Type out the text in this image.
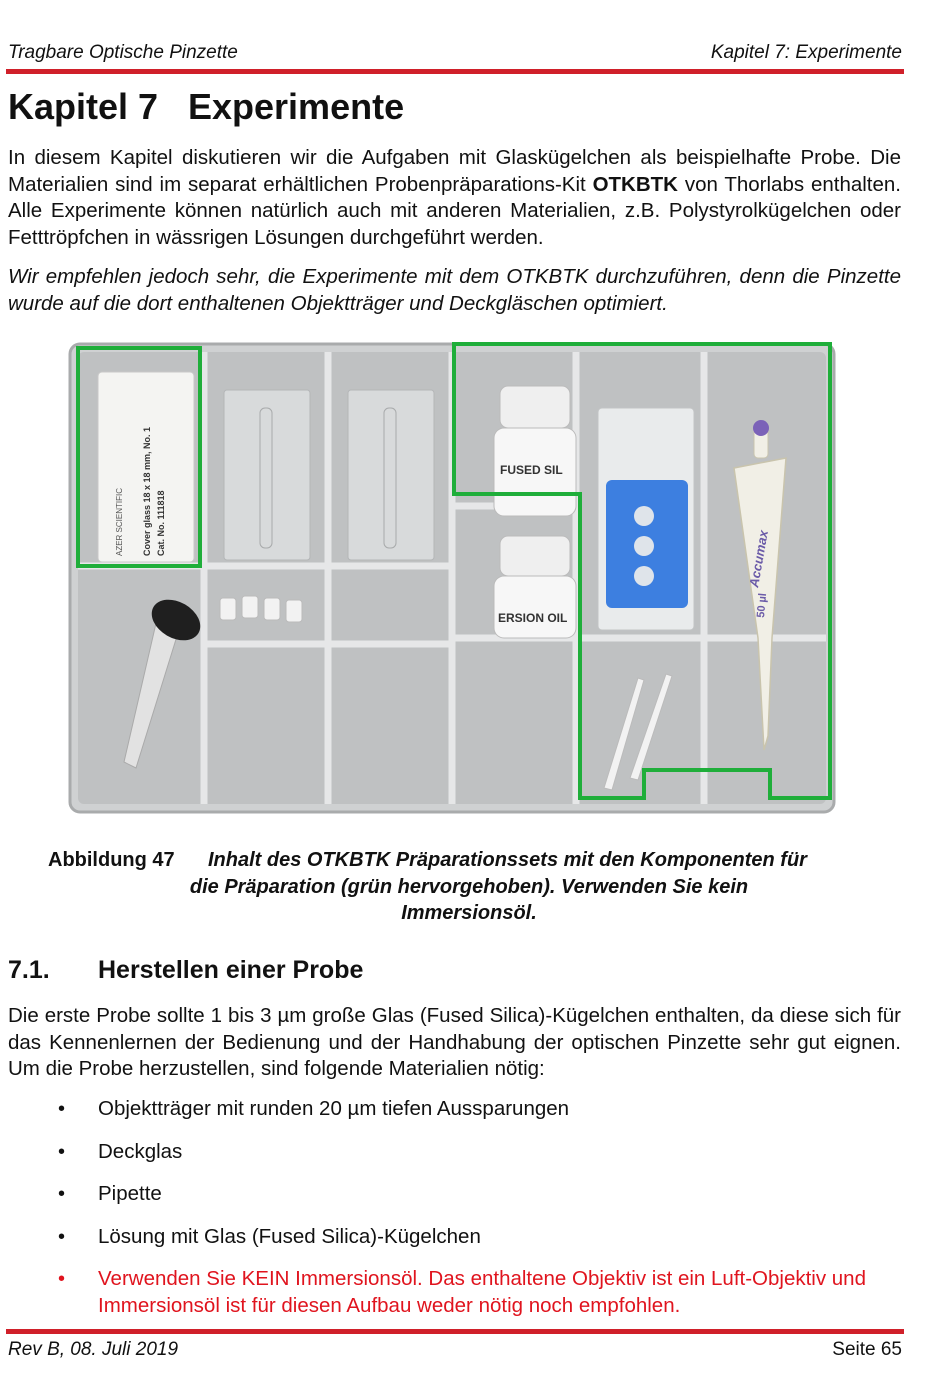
Tragbare Optische Pinzette	Kapitel 7: Experimente
Kapitel 7 Experimente

In diesem Kapitel diskutieren wir die Aufgaben mit Glaskügelchen als beispielhafte Probe. Die Materialien sind im separat erhältlichen Probenpräparations-Kit OTKBTK von Thorlabs enthalten. Alle Experimente können natürlich auch mit anderen Materialien, z.B. Polystyrolkügelchen oder Fetttröpfchen in wässrigen Lösungen durchgeführt werden.

Wir empfehlen jedoch sehr, die Experimente mit dem OTKBTK durchzuführen, denn die Pinzette wurde auf die dort enthaltenen Objektträger und Deckgläschen optimiert.

AZER SCIENTIFIC Cover glass 18 x 18 mm, No. 1 Cat. No. 111818
FUSED SIL
ERSION OIL
Accumax
50 µl
Abbildung 47	Inhalt des OTKBTK Präparationssets mit den Komponenten für
die Präparation (grün hervorgehoben). Verwenden Sie kein
Immersionsöl.
7.1. Herstellen einer Probe

Die erste Probe sollte 1 bis 3 µm große Glas (Fused Silica)-Kügelchen enthalten, da diese sich für das Kennenlernen der Bedienung und der Handhabung der optischen Pinzette sehr gut eignen. Um die Probe herzustellen, sind folgende Materialien nötig:

• Objektträger mit runden 20 µm tiefen Aussparungen
• Deckglas
• Pipette
• Lösung mit Glas (Fused Silica)-Kügelchen
• Verwenden Sie KEIN Immersionsöl. Das enthaltene Objektiv ist ein Luft-Objektiv und Immersionsöl ist für diesen Aufbau weder nötig noch empfohlen.
Rev B, 08. Juli 2019	Seite 65
